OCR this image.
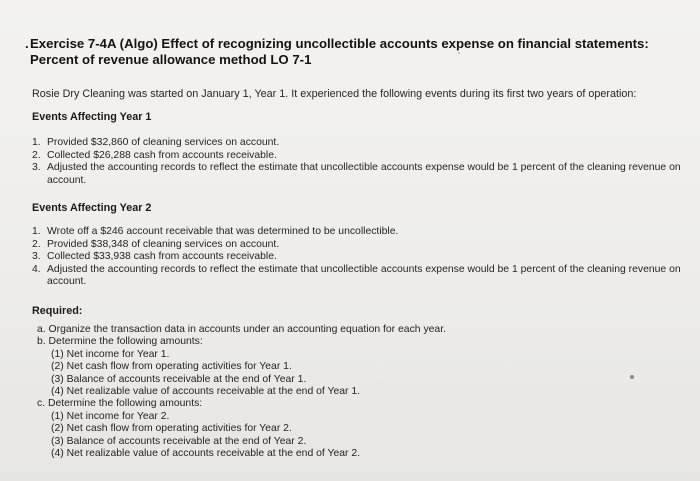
. Exercise 7-4A (Algo) Effect of recognizing uncollectible accounts expense on financial statements:
Percent of revenue allowance method LO 7-1
Rosie Dry Cleaning was started on January 1, Year 1. It experienced the following events during its first two years of operation:
Events Affecting Year 1
1. Provided $32,860 of cleaning services on account.
2. Collected $26,288 cash from accounts receivable.
3. Adjusted the accounting records to reflect the estimate that uncollectible accounts expense would be 1 percent of the cleaning revenue on account.
Events Affecting Year 2
1. Wrote off a $246 account receivable that was determined to be uncollectible.
2. Provided $38,348 of cleaning services on account.
3. Collected $33,938 cash from accounts receivable.
4. Adjusted the accounting records to reflect the estimate that uncollectible accounts expense would be 1 percent of the cleaning revenue on account.
Required:
a. Organize the transaction data in accounts under an accounting equation for each year.
b. Determine the following amounts:
(1) Net income for Year 1.
(2) Net cash flow from operating activities for Year 1.
(3) Balance of accounts receivable at the end of Year 1.
(4) Net realizable value of accounts receivable at the end of Year 1.
c. Determine the following amounts:
(1) Net income for Year 2.
(2) Net cash flow from operating activities for Year 2.
(3) Balance of accounts receivable at the end of Year 2.
(4) Net realizable value of accounts receivable at the end of Year 2.
